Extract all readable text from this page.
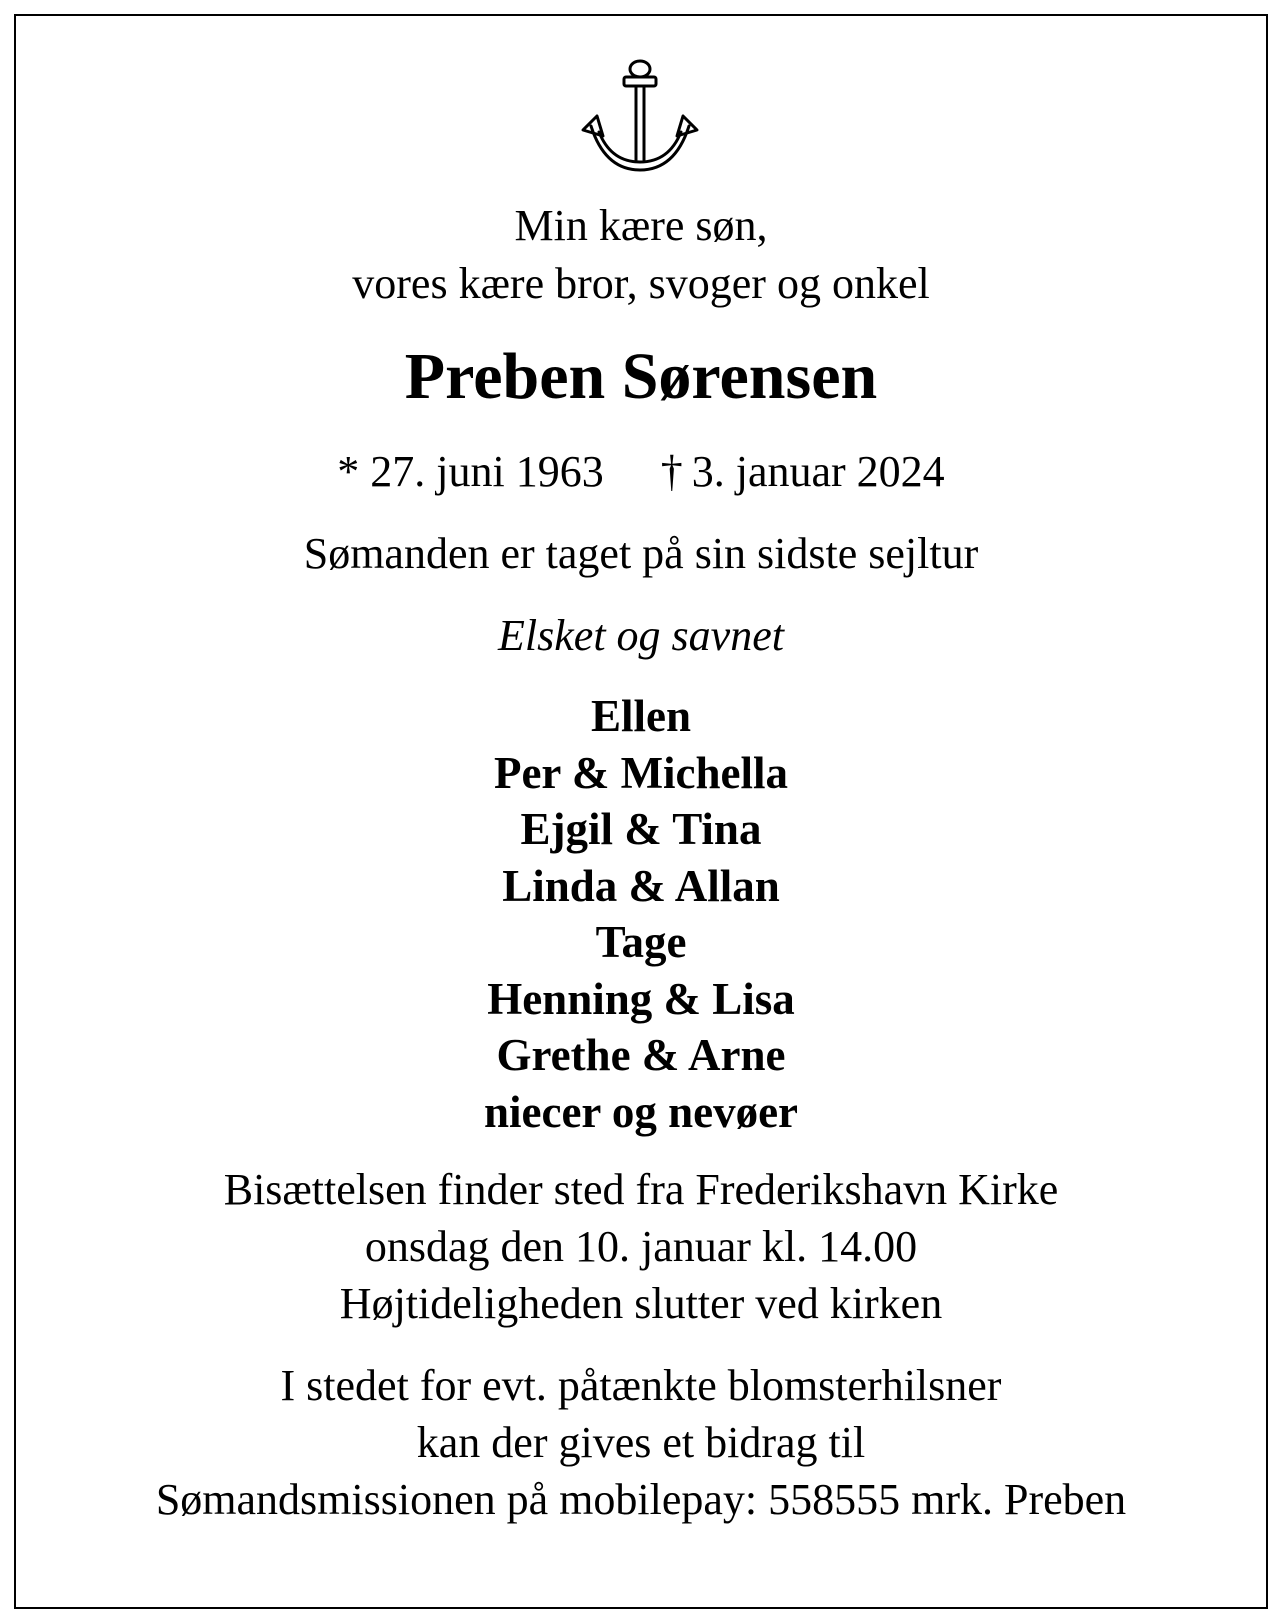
Min kære søn,
vores kære bror, svoger og onkel
Preben Sørensen
* 27. juni 1963 † 3. januar 2024
Sømanden er taget på sin sidste sejltur
Elsket og savnet
Ellen
Per & Michella
Ejgil & Tina
Linda & Allan
Tage
Henning & Lisa
Grethe & Arne
niecer og nevøer
Bisættelsen finder sted fra Frederikshavn Kirke
onsdag den 10. januar kl. 14.00
Højtideligheden slutter ved kirken
I stedet for evt. påtænkte blomsterhilsner
kan der gives et bidrag til
Sømandsmissionen på mobilepay: 558555 mrk. Preben
